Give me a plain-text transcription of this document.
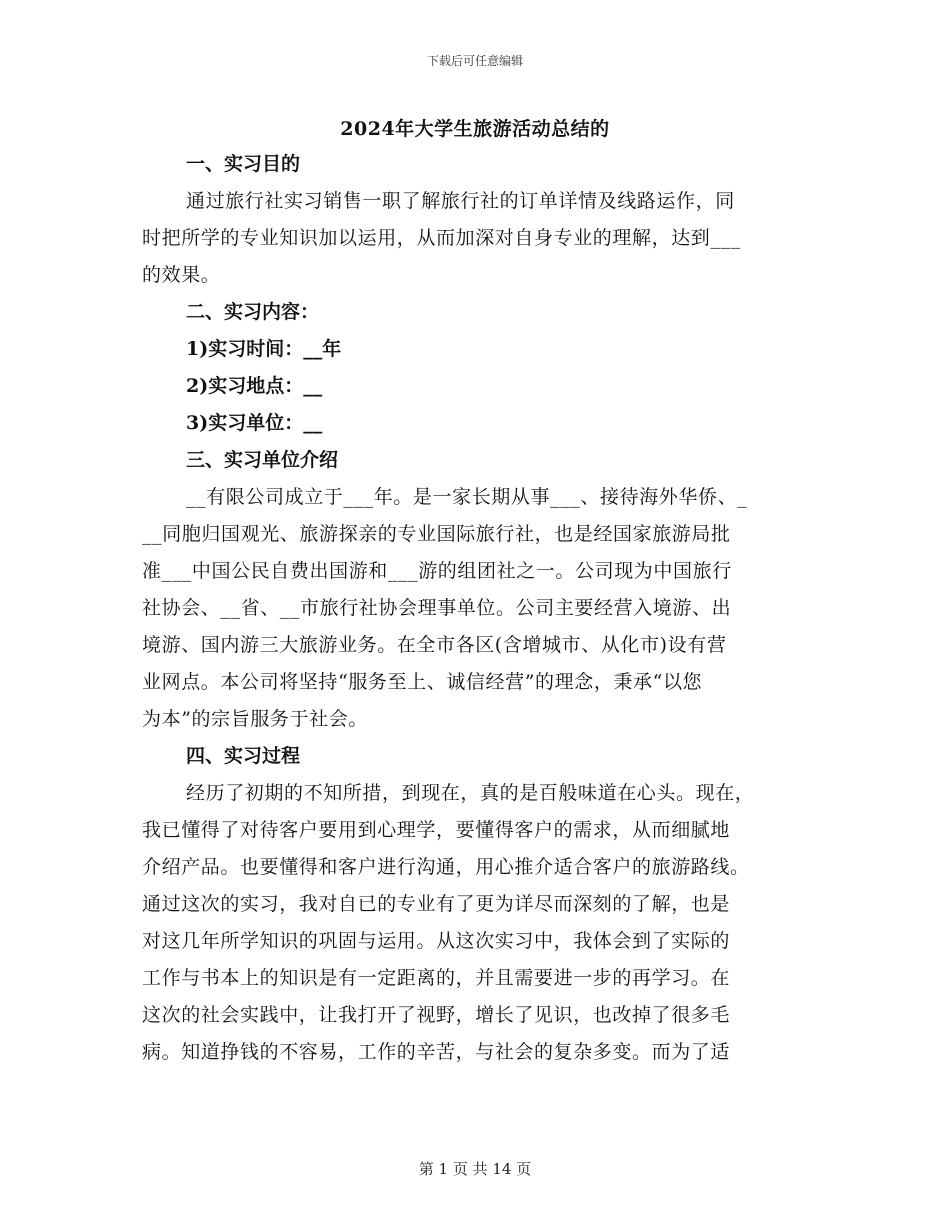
下载后可任意编辑
2024年大学生旅游活动总结的
一、实习目的
通过旅行社实习销售一职了解旅行社的订单详情及线路运作，同
时把所学的专业知识加以运用，从而加深对自身专业的理解，达到___
的效果。
二、实习内容：
1)实习时间：__年
2)实习地点：__
3)实习单位：__
三、实习单位介绍
__有限公司成立于___年。是一家长期从事___、接待海外华侨、_
__同胞归国观光、旅游探亲的专业国际旅行社，也是经国家旅游局批
准___中国公民自费出国游和___游的组团社之一。公司现为中国旅行
社协会、__省、__市旅行社协会理事单位。公司主要经营入境游、出
境游、国内游三大旅游业务。在全市各区(含增城市、从化市)设有营
业网点。本公司将坚持“服务至上、诚信经营”的理念，秉承“以您
为本”的宗旨服务于社会。
四、实习过程
经历了初期的不知所措，到现在，真的是百般味道在心头。现在，
我已懂得了对待客户要用到心理学，要懂得客户的需求，从而细腻地
介绍产品。也要懂得和客户进行沟通，用心推介适合客户的旅游路线。
通过这次的实习，我对自已的专业有了更为详尽而深刻的了解，也是
对这几年所学知识的巩固与运用。从这次实习中，我体会到了实际的
工作与书本上的知识是有一定距离的，并且需要进一步的再学习。在
这次的社会实践中，让我打开了视野，增长了见识，也改掉了很多毛
病。知道挣钱的不容易，工作的辛苦，与社会的复杂多变。而为了适
第 1 页 共 14 页
